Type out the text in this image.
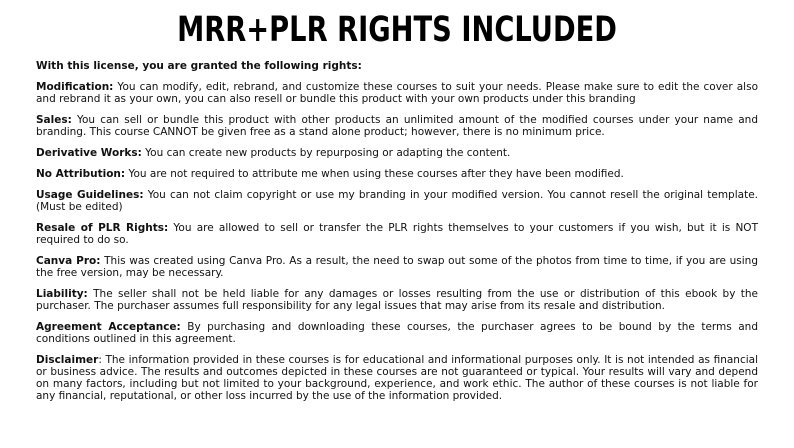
MRR+PLR RIGHTS INCLUDED
With this license, you are granted the following rights:
Modification: You can modify, edit, rebrand, and customize these courses to suit your needs. Please make sure to edit the cover also and rebrand it as your own, you can also resell or bundle this product with your own products under this branding
Sales: You can sell or bundle this product with other products an unlimited amount of the modified courses under your name and branding. This course CANNOT be given free as a stand alone product; however, there is no minimum price.
Derivative Works: You can create new products by repurposing or adapting the content.
No Attribution: You are not required to attribute me when using these courses after they have been modified.
Usage Guidelines: You can not claim copyright or use my branding in your modified version. You cannot resell the original template. (Must be edited)
Resale of PLR Rights: You are allowed to sell or transfer the PLR rights themselves to your customers if you wish, but it is NOT required to do so.
Canva Pro: This was created using Canva Pro. As a result, the need to swap out some of the photos from time to time, if you are using the free version, may be necessary.
Liability: The seller shall not be held liable for any damages or losses resulting from the use or distribution of this ebook by the purchaser. The purchaser assumes full responsibility for any legal issues that may arise from its resale and distribution.
Agreement Acceptance: By purchasing and downloading these courses, the purchaser agrees to be bound by the terms and conditions outlined in this agreement.
Disclaimer: The information provided in these courses is for educational and informational purposes only. It is not intended as financial or business advice. The results and outcomes depicted in these courses are not guaranteed or typical. Your results will vary and depend on many factors, including but not limited to your background, experience, and work ethic. The author of these courses is not liable for any financial, reputational, or other loss incurred by the use of the information provided.
